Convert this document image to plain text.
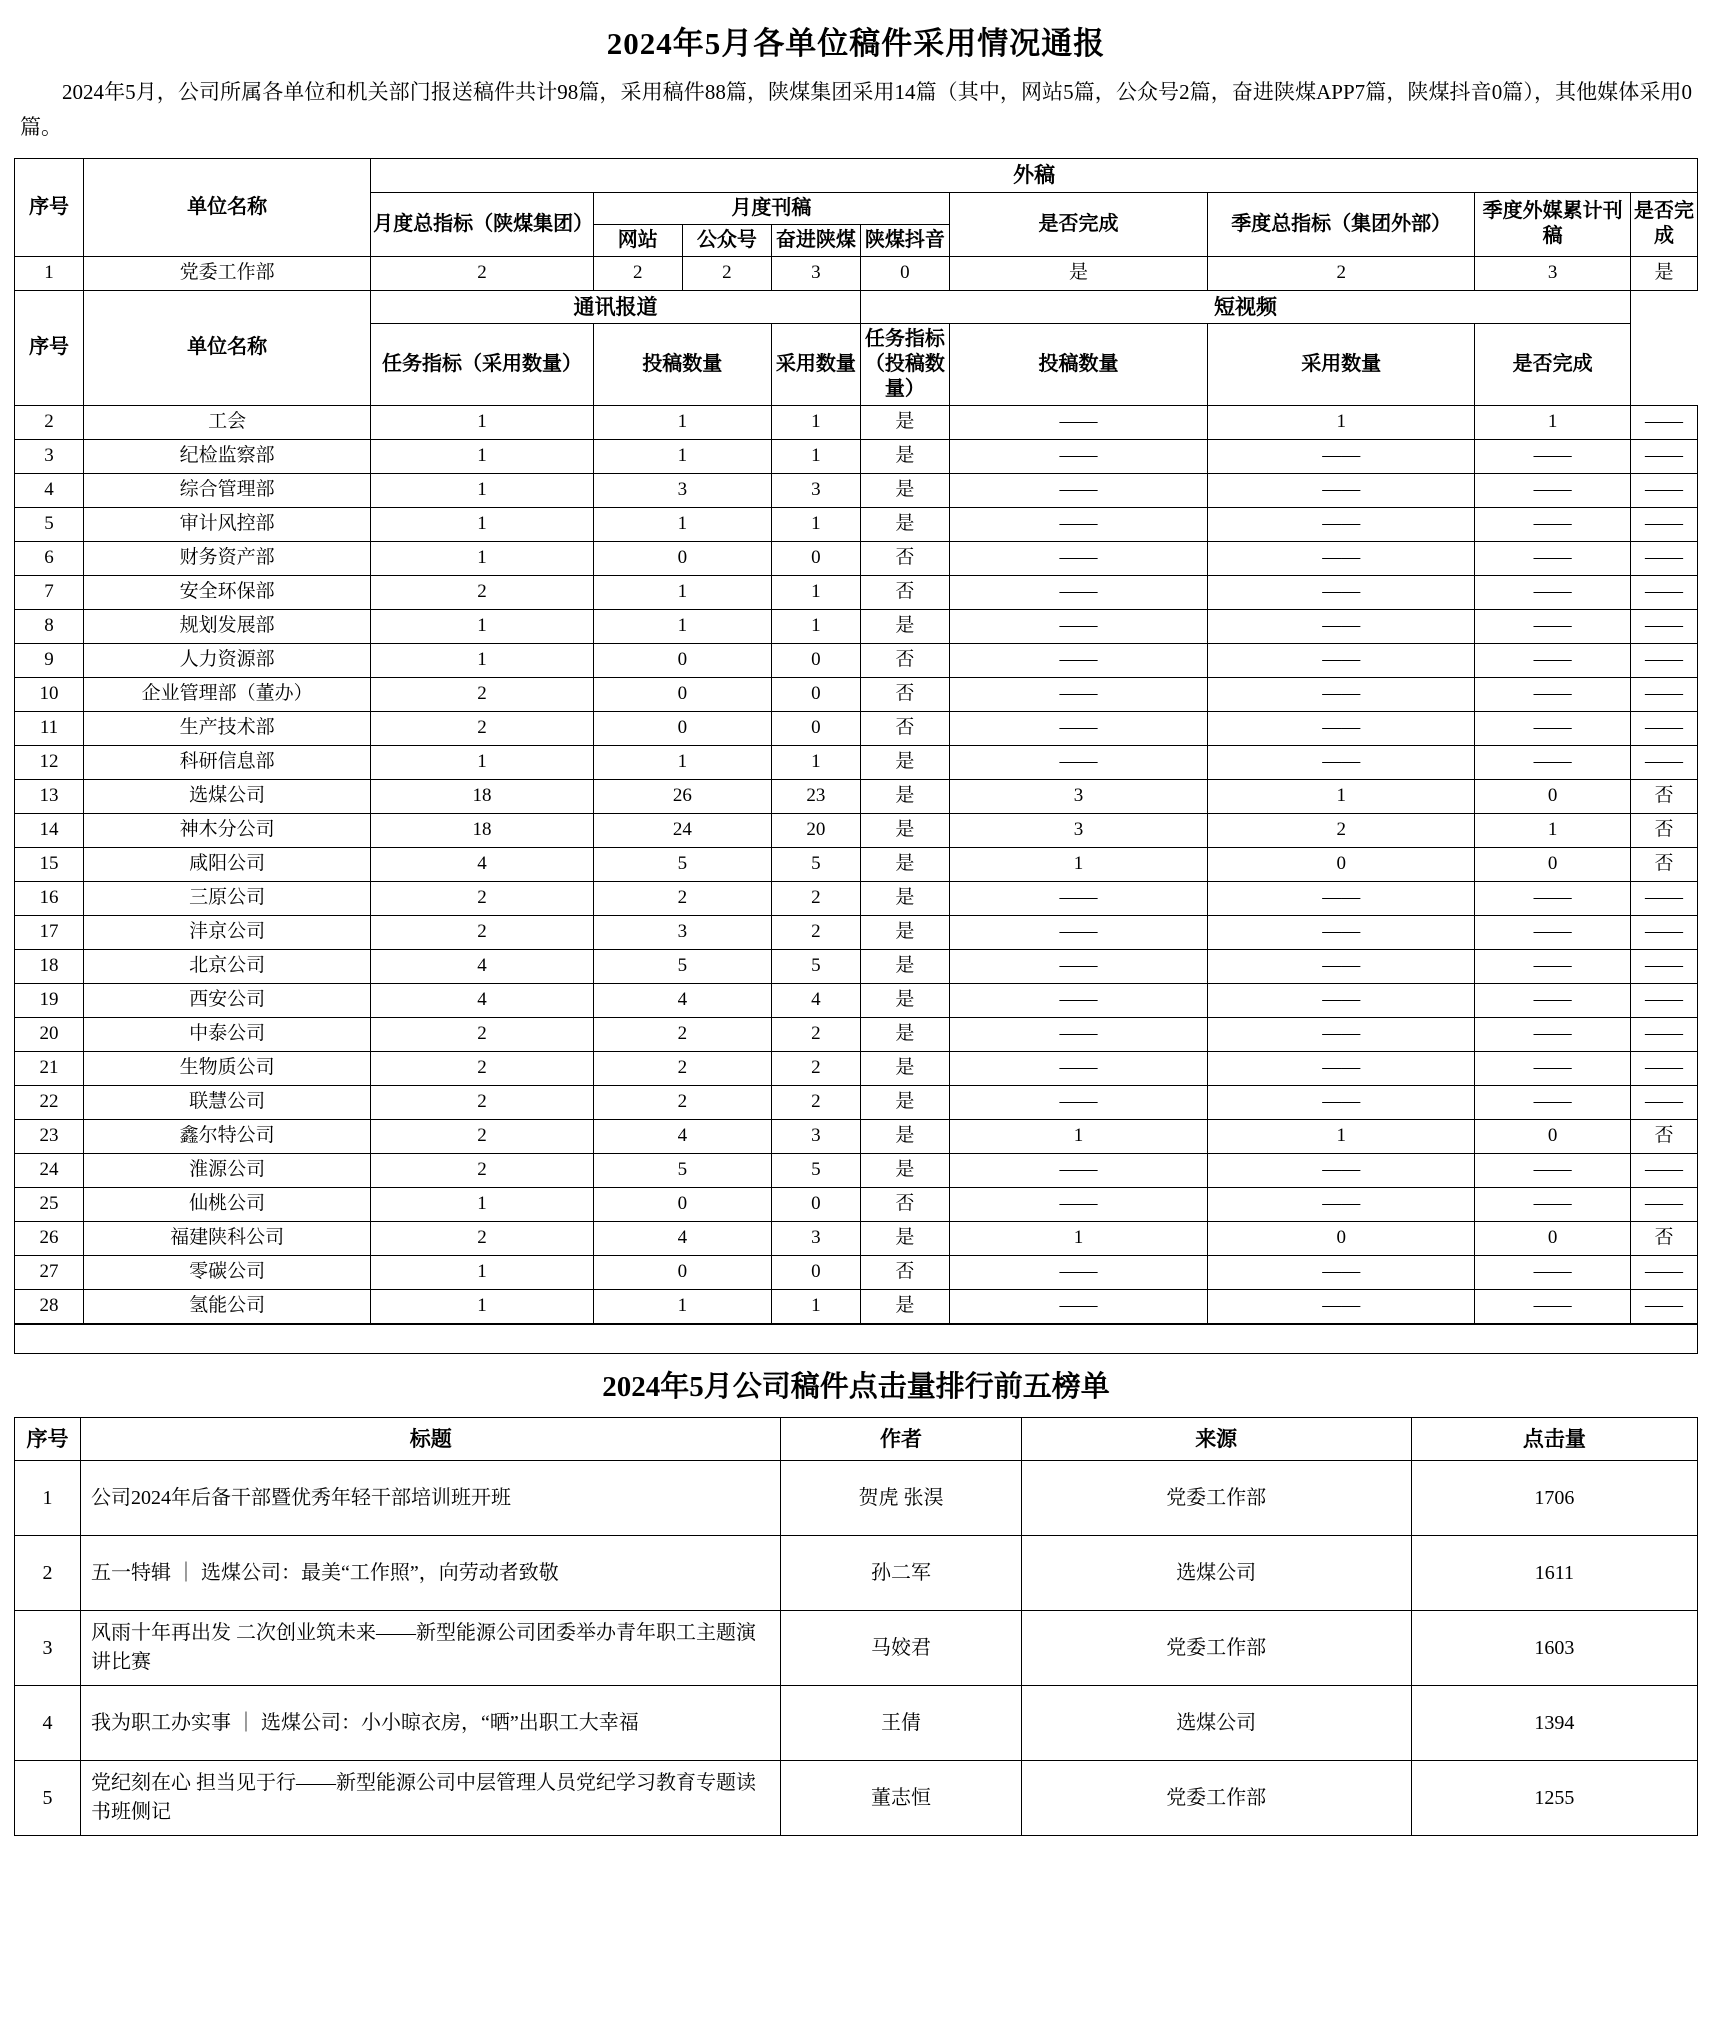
2024年5月各单位稿件采用情况通报
2024年5月，公司所属各单位和机关部门报送稿件共计98篇，采用稿件88篇，陕煤集团采用14篇（其中，网站5篇，公众号2篇，奋进陕煤APP7篇，陕煤抖音0篇），其他媒体采用0篇。
序号	单位名称	外稿								
		月度总指标（陕煤集团）	月度刊稿				是否完成	季度总指标（集团外部）	季度外媒累计刊稿	是否完成
			网站	公众号	奋进陕煤	陕煤抖音				
1	党委工作部	2	2	2	3	0	是	2	3	是
序号	单位名称	通讯报道				短视频				
		任务指标（采用数量）	投稿数量		采用数量	任务指标（投稿数量）	投稿数量	采用数量	是否完成	
2	工会	1	1		1	是	——	1	1	——
3	纪检监察部	1	1		1	是	——	——	——	——
4	综合管理部	1	3		3	是	——	——	——	——
5	审计风控部	1	1		1	是	——	——	——	——
6	财务资产部	1	0		0	否	——	——	——	——
7	安全环保部	2	1		1	否	——	——	——	——
8	规划发展部	1	1		1	是	——	——	——	——
9	人力资源部	1	0		0	否	——	——	——	——
10	企业管理部（董办）	2	0		0	否	——	——	——	——
11	生产技术部	2	0		0	否	——	——	——	——
12	科研信息部	1	1		1	是	——	——	——	——
13	选煤公司	18	26		23	是	3	1	0	否
14	神木分公司	18	24		20	是	3	2	1	否
15	咸阳公司	4	5		5	是	1	0	0	否
16	三原公司	2	2		2	是	——	——	——	——
17	沣京公司	2	3		2	是	——	——	——	——
18	北京公司	4	5		5	是	——	——	——	——
19	西安公司	4	4		4	是	——	——	——	——
20	中泰公司	2	2		2	是	——	——	——	——
21	生物质公司	2	2		2	是	——	——	——	——
22	联慧公司	2	2		2	是	——	——	——	——
23	鑫尔特公司	2	4		3	是	1	1	0	否
24	淮源公司	2	5		5	是	——	——	——	——
25	仙桃公司	1	0		0	否	——	——	——	——
26	福建陕科公司	2	4		3	是	1	0	0	否
27	零碳公司	1	0		0	否	——	——	——	——
28	氢能公司	1	1		1	是	——	——	——	——
2024年5月公司稿件点击量排行前五榜单
序号	标题	作者	来源	点击量
1	公司2024年后备干部暨优秀年轻干部培训班开班	贺虎 张淏	党委工作部	1706
2	五一特辑 ｜ 选煤公司：最美“工作照”，向劳动者致敬	孙二军	选煤公司	1611
3	风雨十年再出发 二次创业筑未来——新型能源公司团委举办青年职工主题演讲比赛	马姣君	党委工作部	1603
4	我为职工办实事 ｜ 选煤公司：小小晾衣房，“晒”出职工大幸福	王倩	选煤公司	1394
5	党纪刻在心 担当见于行——新型能源公司中层管理人员党纪学习教育专题读书班侧记	董志恒	党委工作部	1255
